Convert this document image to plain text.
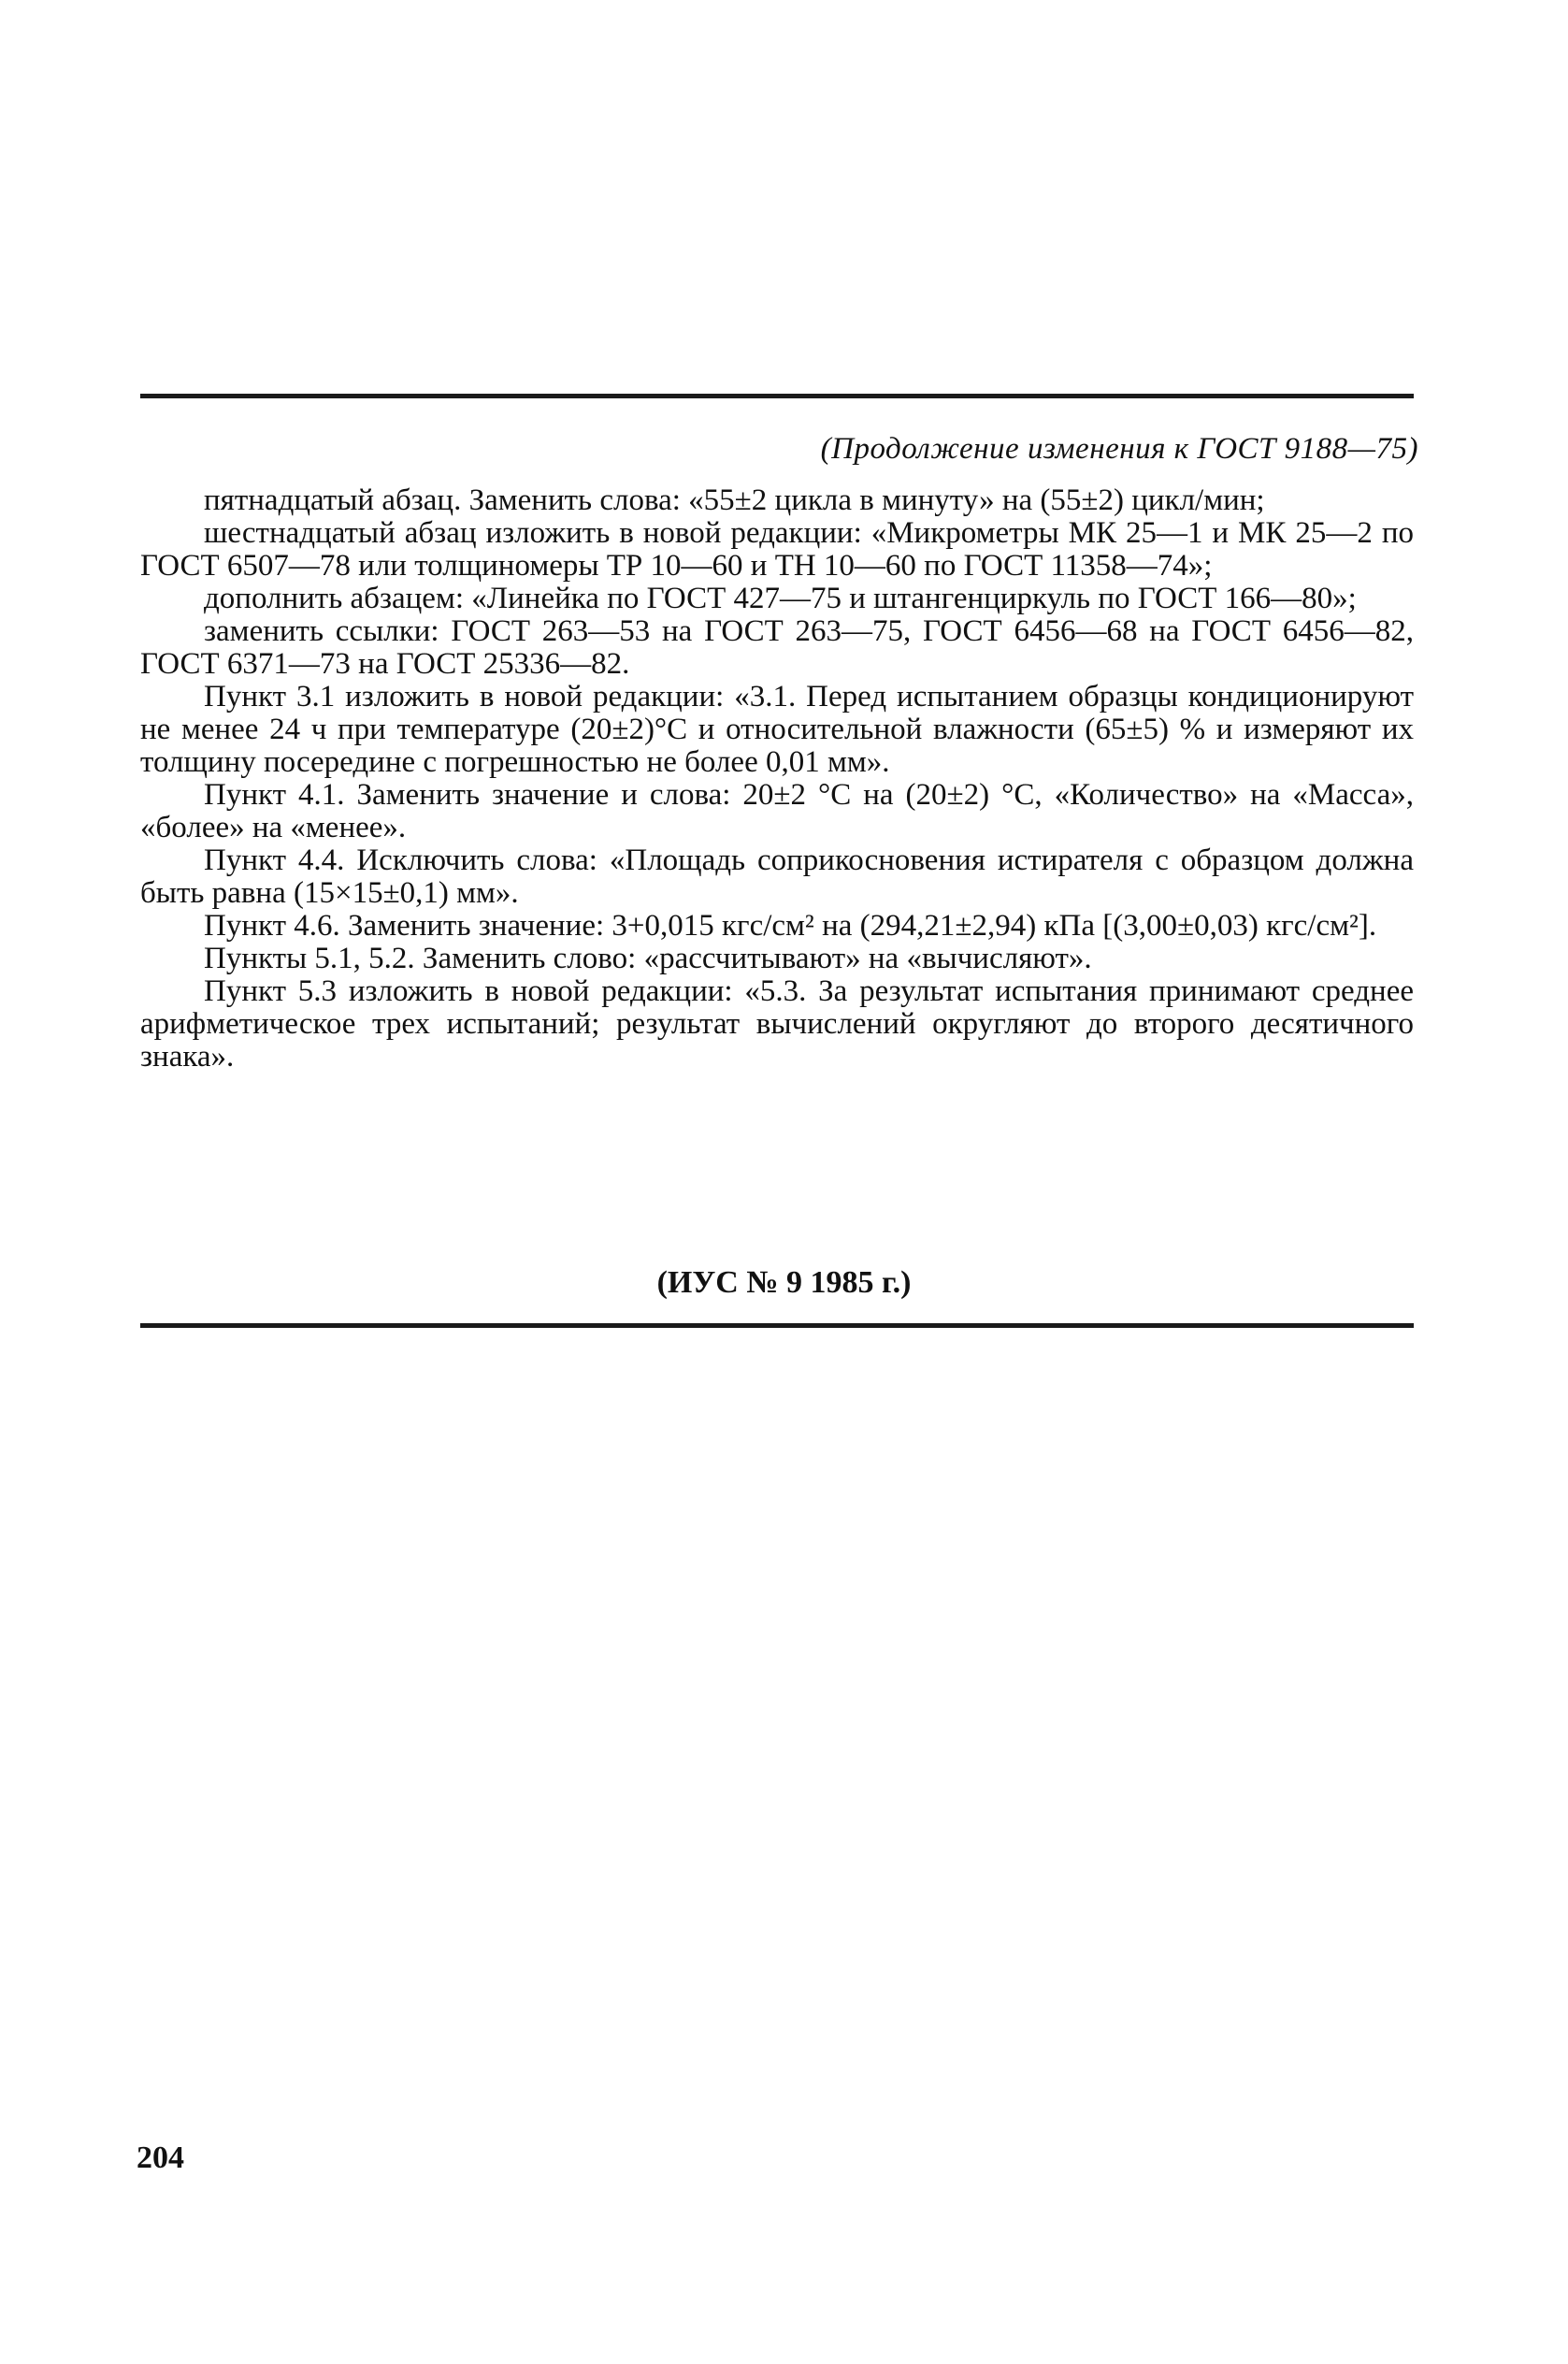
(Продолжение изменения к ГОСТ 9188—75)

пятнадцатый абзац. Заменить слова: «55±2 цикла в минуту» на (55±2) цикл/мин;

шестнадцатый абзац изложить в новой редакции: «Микрометры МК 25—1 и МК 25—2 по ГОСТ 6507—78 или толщиномеры ТР 10—60 и ТН 10—60 по ГОСТ 11358—74»;

дополнить абзацем: «Линейка по ГОСТ 427—75 и штангенциркуль по ГОСТ 166—80»;

заменить ссылки: ГОСТ 263—53 на ГОСТ 263—75, ГОСТ 6456—68 на ГОСТ 6456—82, ГОСТ 6371—73 на ГОСТ 25336—82.

Пункт 3.1 изложить в новой редакции: «3.1. Перед испытанием образцы кондиционируют не менее 24 ч при температуре (20±2)°С и относительной влажности (65±5) % и измеряют их толщину посередине с погрешностью не более 0,01 мм».

Пункт 4.1. Заменить значение и слова: 20±2 °С на (20±2) °С, «Количество» на «Масса», «более» на «менее».

Пункт 4.4. Исключить слова: «Площадь соприкосновения истирателя с образцом должна быть равна (15×15±0,1) мм».

Пункт 4.6. Заменить значение: 3+0,015 кгс/см² на (294,21±2,94) кПа [(3,00±0,03) кгс/см²].

Пункты 5.1, 5.2. Заменить слово: «рассчитывают» на «вычисляют».

Пункт 5.3 изложить в новой редакции: «5.3. За результат испытания принимают среднее арифметическое трех испытаний; результат вычислений округляют до второго десятичного знака».

(ИУС № 9 1985 г.)
204
